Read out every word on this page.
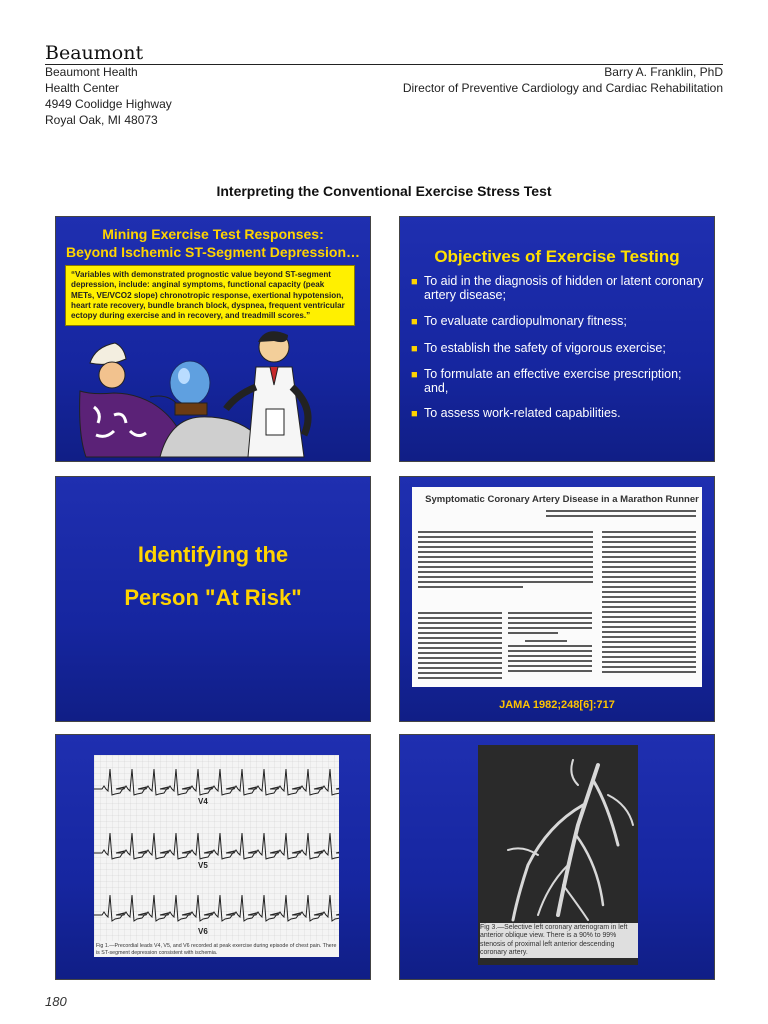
Beaumont
Beaumont Health
Health Center
4949 Coolidge Highway
Royal Oak, MI 48073
Barry A. Franklin, PhD
Director of Preventive Cardiology and Cardiac Rehabilitation
Interpreting the Conventional Exercise Stress Test
Mining Exercise Test Responses:
Beyond Ischemic ST-Segment Depression…
“Variables with demonstrated prognostic value beyond ST-segment depression, include: anginal symptoms, functional capacity (peak METs, VE/VCO2 slope) chronotropic response, exertional hypotension, heart rate recovery, bundle branch block, dyspnea, frequent ventricular ectopy during exercise and in recovery, and treadmill scores.”
Objectives of Exercise Testing
■ To aid in the diagnosis of hidden or latent coronary artery disease;
■ To evaluate cardiopulmonary fitness;
■ To establish the safety of vigorous exercise;
■ To formulate an effective exercise prescription; and,
■ To assess work-related capabilities.
Identifying the
Person "At Risk"
Symptomatic Coronary Artery Disease in a Marathon Runner
JAMA 1982;248[6]:717
V4
V5
V6
Fig 1.—Precordial leads V4, V5, and V6 recorded at peak exercise during episode of chest pain. There is ST-segment depression consistent with ischemia.
Fig 3.—Selective left coronary arteriogram in left anterior oblique view. There is a 90% to 99% stenosis of proximal left anterior descending coronary artery.
180
